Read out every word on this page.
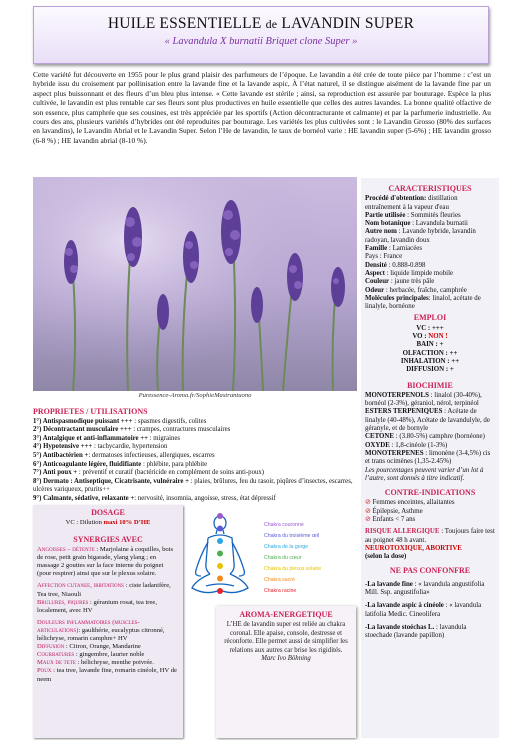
HUILE ESSENTIELLE de LAVANDIN SUPER
« Lavandula X burnatii Briquet clone Super »
Cette variété fut découverte en 1955 pour le plus grand plaisir des parfumeurs de l’époque. Le lavandin a été crée de toute pièce par l’homme : c’est un hybride issu du croisement par pollinisation entre la lavande fine et la lavande aspic, À l’état naturel, il se distingue aisément de la lavande fine par un aspect plus buissonnant et des fleurs d’un bleu plus intense. « Cette lavande est stérile ; ainsi, sa reproduction est assurée par bouturage. Espèce la plus cultivée, le lavandin est plus rentable car ses fleurs sont plus productives en huile essentielle que celles des autres lavandes. La bonne qualité olfactive de son essence, plus camphrée que ses cousines, est très appréciée par les sportifs (Action décontracturante et calmante) et par la parfumerie industrielle. Au cours des ans, plusieurs variétés d’hybrides ont été reproduites par bouturage. Les variétés les plus cultivées sont : le Lavandin Grosso (80% des surfaces en lavandins), le Lavandin Abrial et le Lavandin Super. Selon l’He de lavandin, le taux de bornéol varie : HE lavandin super (5-6%) ; HE lavandin grosso (6-8 %) ; HE lavandin abrial (8-10 %).
Puressence-Aroma.fr/SophieMastrantuono
CARACTERISTIQUES
Procédé d'obtention: distillation entraînement à la vapeur d'eau
Partie utilisée : Sommités fleuries
Nom botanique : Lavandula burnatii
Autre nom : Lavande hybride, lavandin radoyan, lavandin doux
Famille : Lamiacées
Pays : France
Densité : 0.888-0.898
Aspect : liquide limpide mobile
Couleur : jaune très pâle
Odeur : herbacée, fraîche, camphrée
Molécules principales: linalol, acétate de linalyle, bornéone
EMPLOI
VC : +++
VO : NON !
BAIN : +
OLFACTION : ++
INHALATION : ++
DIFFUSION : +
BIOCHIMIE
MONOTERPENOLS : linalol (30-40%), bornéol (2-3%), géraniol, nérol, terpinéol
ESTERS TERPENIQUES : Acétate de linalyle (40-48%), Acétate de lavandulyle, de géranyle, et de bornyle
CETONE : (3.80-5%) camphre (bornéone)
OXYDE : 1,8-cinéole (1-3%)
MONOTERPENES : limonène (3-4,5%) cis et trans ocimènes (1,35-2.45%)
Les pourcentages peuvent varier d’un lot à l’autre, sont donnés à titre indicatif.
CONTRE-INDICATIONS
⊘ Femmes enceintes, allaitantes
⊘ Épilepsie, Asthme
⊘ Enfants < 7 ans
RISQUE ALLERGIQUE : Toujours faire test au poignet 48 h avant.
NEUROTOXIQUE, ABORTIVE
(selon la dose)
NE PAS CONFONFRE
-La lavande fine : « lavandula angustifolia Mill. Ssp. angustifolia»
-La lavande aspic à cinéole : « lavandula latifolia Medic. Cineolifera
-La lavande stoéchas L. : lavandula stoechade (lavande papillon)
PROPRIETES / UTILISATIONS
1°) Antispasmodique puissant +++ : spasmes digestifs, colites
2°) Décontractant musculaire +++ : crampes, contractures musculaires
3°) Antalgique et anti-inflammatoire ++ : migraines
4°) Hypotensive +++ : tachycardie, hypertension
5°) Antibactérien +: dermatoses infectieuses, allergiques, escarres
6°) Anticoagulante légère, fluidifiante : phlébite, para phlébite
7°) Anti poux + : préventif et curatif (bactéricide en complément de soins anti-poux)
8°) Dermato : Antiseptique, Cicatrisante, vulnéraire + : plaies, brûlures, feu du rasoir, piqûres d’insectes, escarres, ulcères variqueux, prurits++
9°) Calmante, sédative, relaxante +: nervosité, insomnia, angoisse, stress, état dépressif
DOSAGE
VC : Dilution maxi 10% D’HE
SYNERGIES AVEC
Angoisses – détente : Marjolaine à coquilles, bois de rose, petit grain bigarade, ylang ylang ; en massage 2 gouttes sur la face interne du poignet (pour respirer) ainsi que sur le plexus solaire.
Affection cutanee, irritations : ciste ladanifère, Tea tree, Niaouli
Brulures, piqures : géranium rosat, tea tree, localement, avec HV
Douleurs inflammatoires (muscles-articulations): gaulthérie, eucalyptus citronné, hélichryse, romarin camphre+ HV
Diffusion : Citron, Orange, Mandarine
Courbatures : gingembre, laurier noble
Maux de tete : hélichryse, menthe poivrée.
Poux : tea tree, lavande fine, romarin cinéole, HV de neem
Chakra couronne
Chakra du troisième œil
Chakra de la gorge
Chakra du cœur
Chakra du plexus solaire
Chakra sacré
Chakra racine
AROMA-ENERGETIQUE
L’HE de lavandin super est reliée au chakra coronal. Elle apaise, console, destresse et réconforte. Elle permet aussi de simplifier les relations aux autres car brise les rigidités.
Marc Ivo Böhning
